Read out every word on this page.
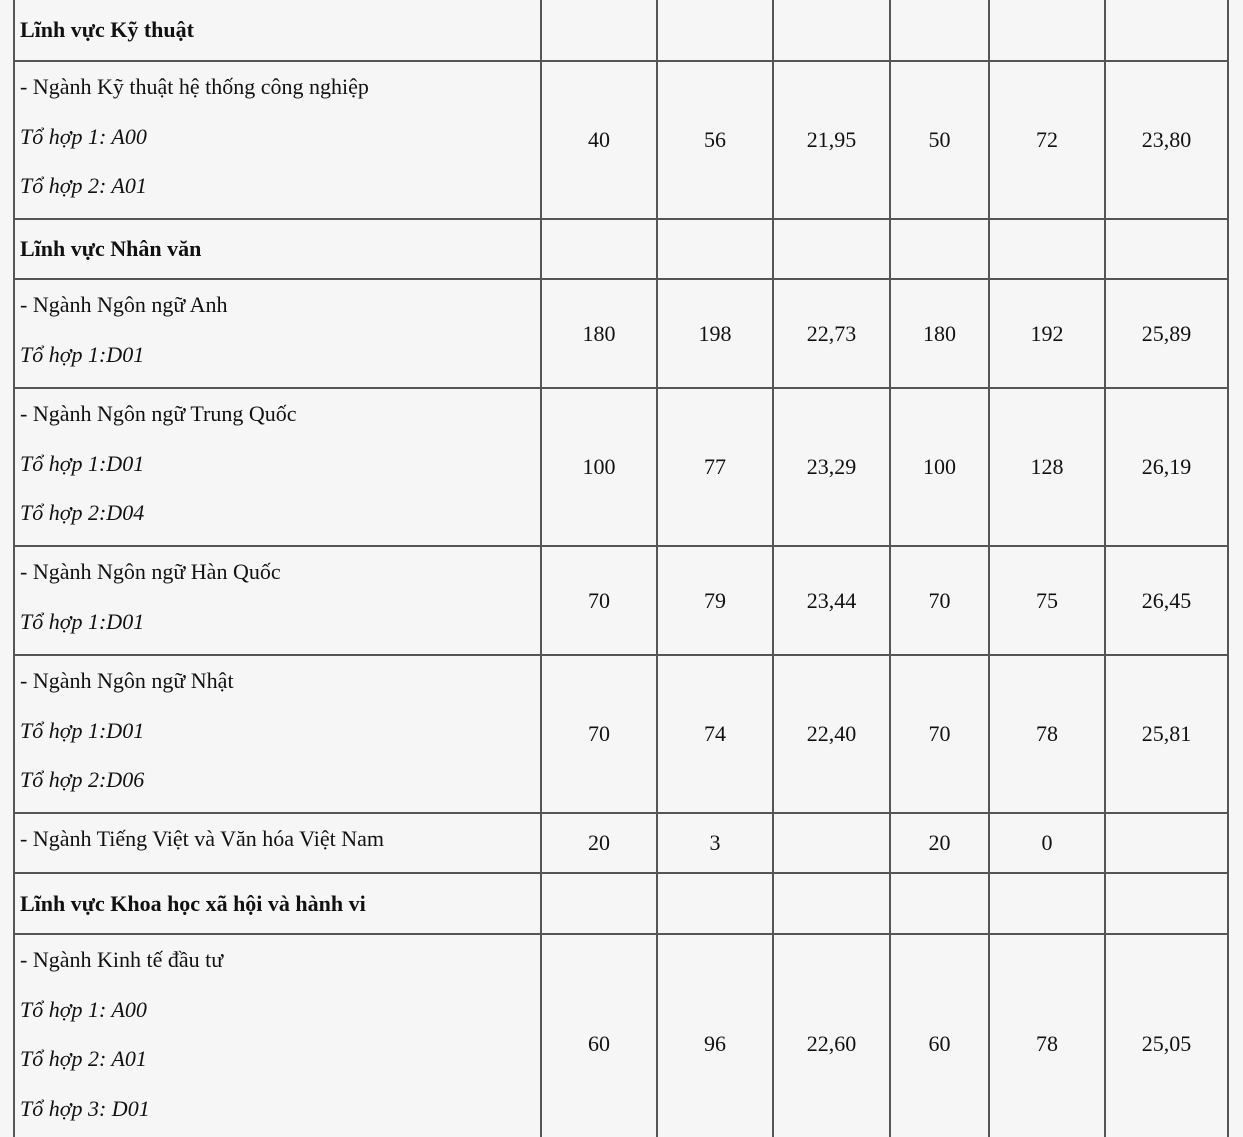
Lĩnh vực Kỹ thuật						

- Ngành Kỹ thuật hệ thống công nghiệp
Tổ hợp 1: A00
Tổ hợp 2: A01	40	56	21,95	50	72	23,80

Lĩnh vực Nhân văn						

- Ngành Ngôn ngữ Anh
Tổ hợp 1:D01	180	198	22,73	180	192	25,89

- Ngành Ngôn ngữ Trung Quốc
Tổ hợp 1:D01
Tổ hợp 2:D04	100	77	23,29	100	128	26,19

- Ngành Ngôn ngữ Hàn Quốc
Tổ hợp 1:D01	70	79	23,44	70	75	26,45

- Ngành Ngôn ngữ Nhật
Tổ hợp 1:D01
Tổ hợp 2:D06	70	74	22,40	70	78	25,81

- Ngành Tiếng Việt và Văn hóa Việt Nam	20	3		20	0	

Lĩnh vực Khoa học xã hội và hành vi						

- Ngành Kinh tế đầu tư
Tổ hợp 1: A00
Tổ hợp 2: A01
Tổ hợp 3: D01	60	96	22,60	60	78	25,05
